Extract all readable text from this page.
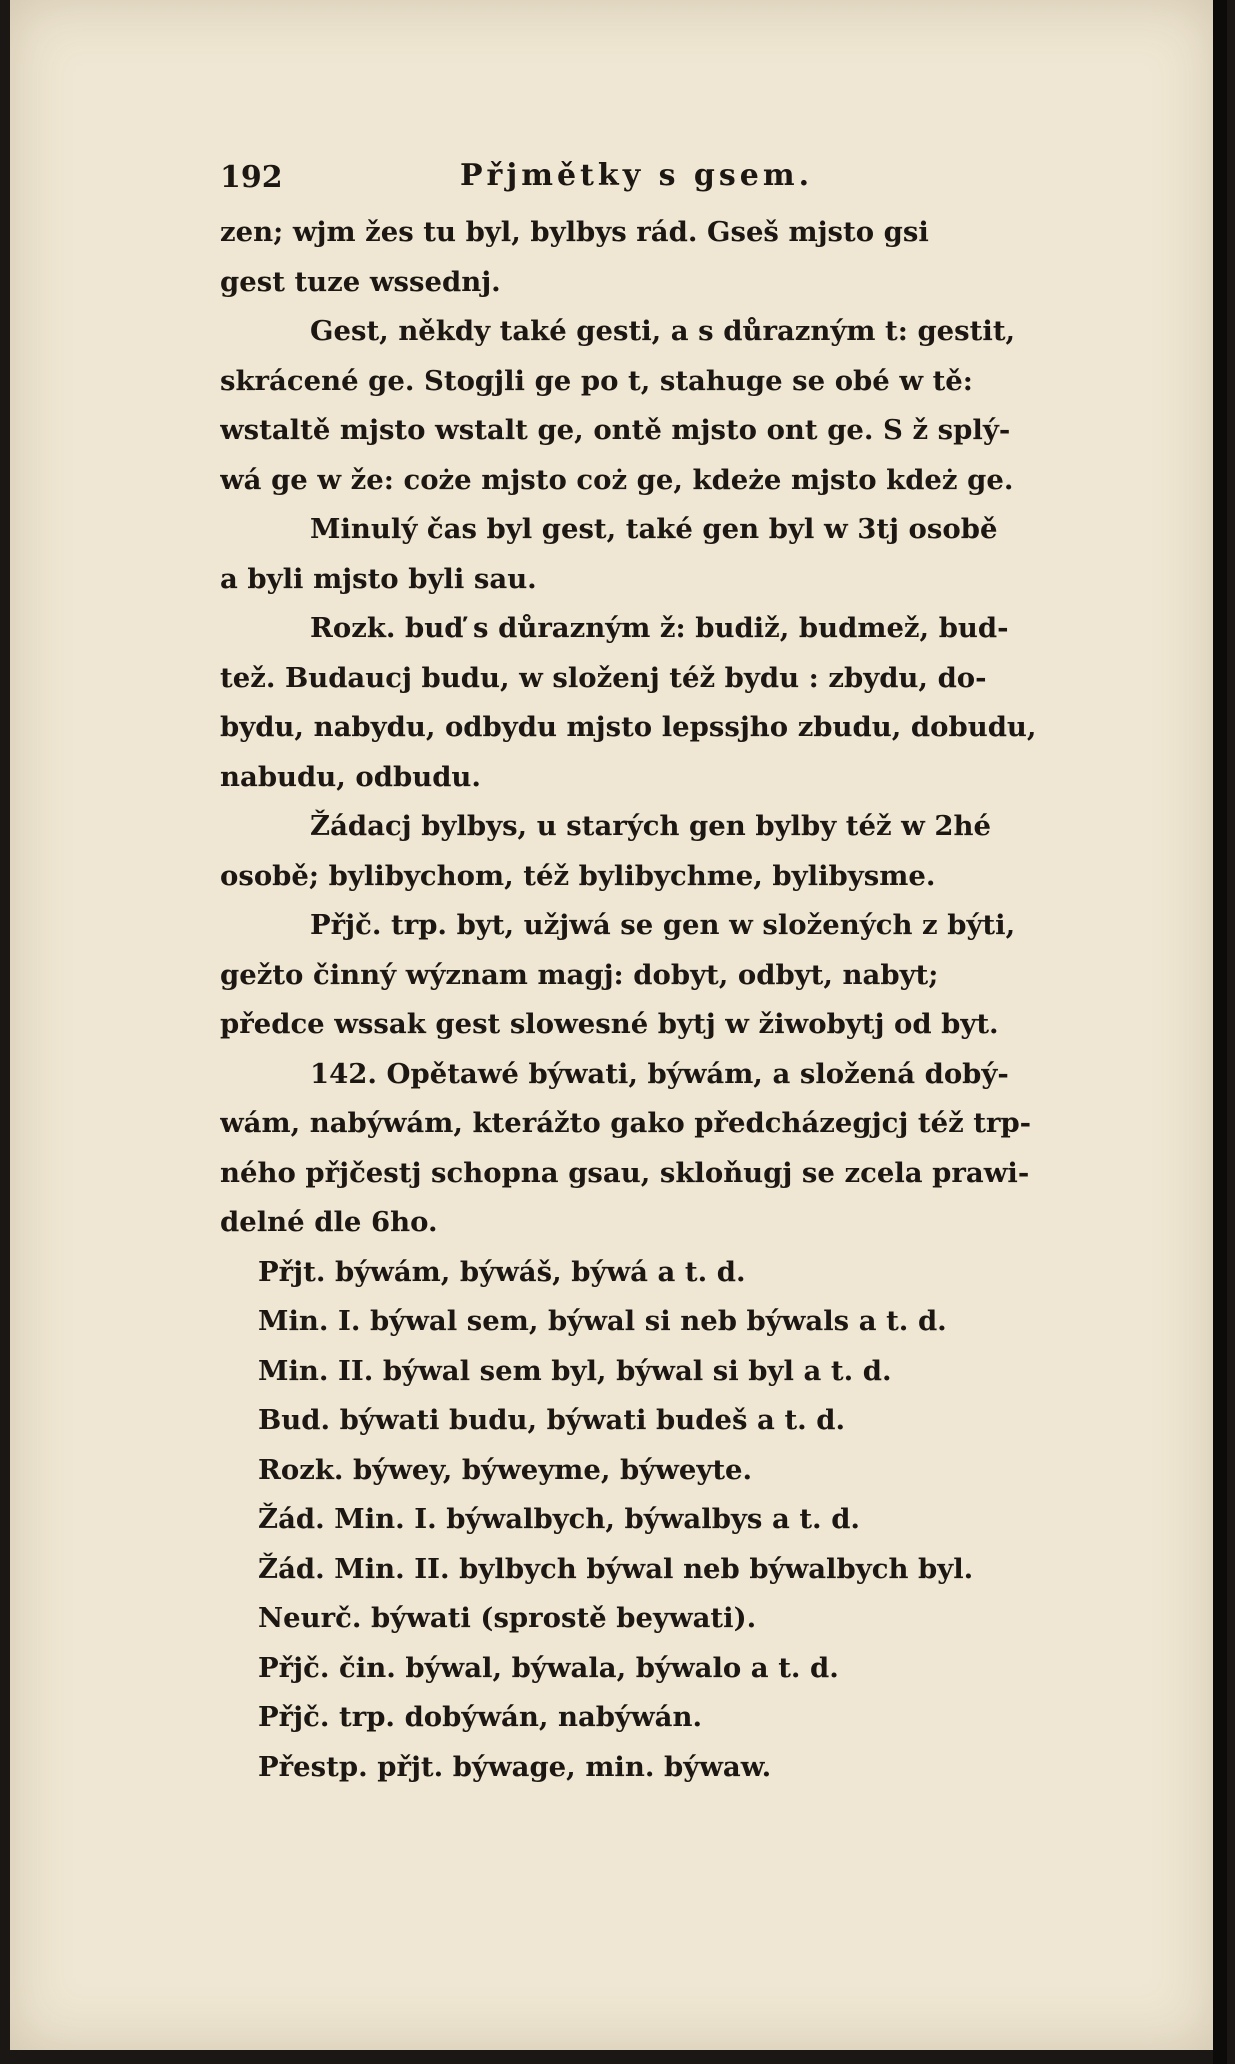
192	Přjmětky s gsem.
zen; wjm žes tu byl, bylbys rád. Gseš mjsto gsi
gest tuze wssednj.
Gest, někdy také gesti, a s důrazným t: gestit,
skrácené ge. Stogjli ge po t, stahuge se obé w tě:
wstaltě mjsto wstalt ge, ontě mjsto ont ge. S ž splý-
wá ge w že: coże mjsto coż ge, kdeże mjsto kdeż ge.
Minulý čas byl gest, také gen byl w 3tj osobě
a byli mjsto byli sau.
Rozk. buď s důrazným ž: budiž, budmež, bud-
tež. Budaucj budu, w složenj též bydu : zbydu, do-
bydu, nabydu, odbydu mjsto lepssjho zbudu, dobudu,
nabudu, odbudu.
Žádacj bylbys, u starých gen bylby též w 2hé
osobě; bylibychom, též bylibychme, bylibysme.
Přjč. trp. byt, užjwá se gen w složených z býti,
gežto činný wýznam magj: dobyt, odbyt, nabyt;
předce wssak gest slowesné bytj w žiwobytj od byt.
142. Opětawé býwati, býwám, a složená dobý-
wám, nabýwám, kterážto gako předcházegjcj též trp-
ného přjčestj schopna gsau, skloňugj se zcela prawi-
delné dle 6ho.
Přjt. býwám, býwáš, býwá a t. d.
Min. I. býwal sem, býwal si neb býwals a t. d.
Min. II. býwal sem byl, býwal si byl a t. d.
Bud. býwati budu, býwati budeš a t. d.
Rozk. býwey, býweyme, býweyte.
Žád. Min. I. býwalbych, býwalbys a t. d.
Žád. Min. II. bylbych býwal neb býwalbych byl.
Neurč. býwati (sprostě beywati).
Přjč. čin. býwal, býwala, býwalo a t. d.
Přjč. trp. dobýwán, nabýwán.
Přestp. přjt. býwage, min. býwaw.
